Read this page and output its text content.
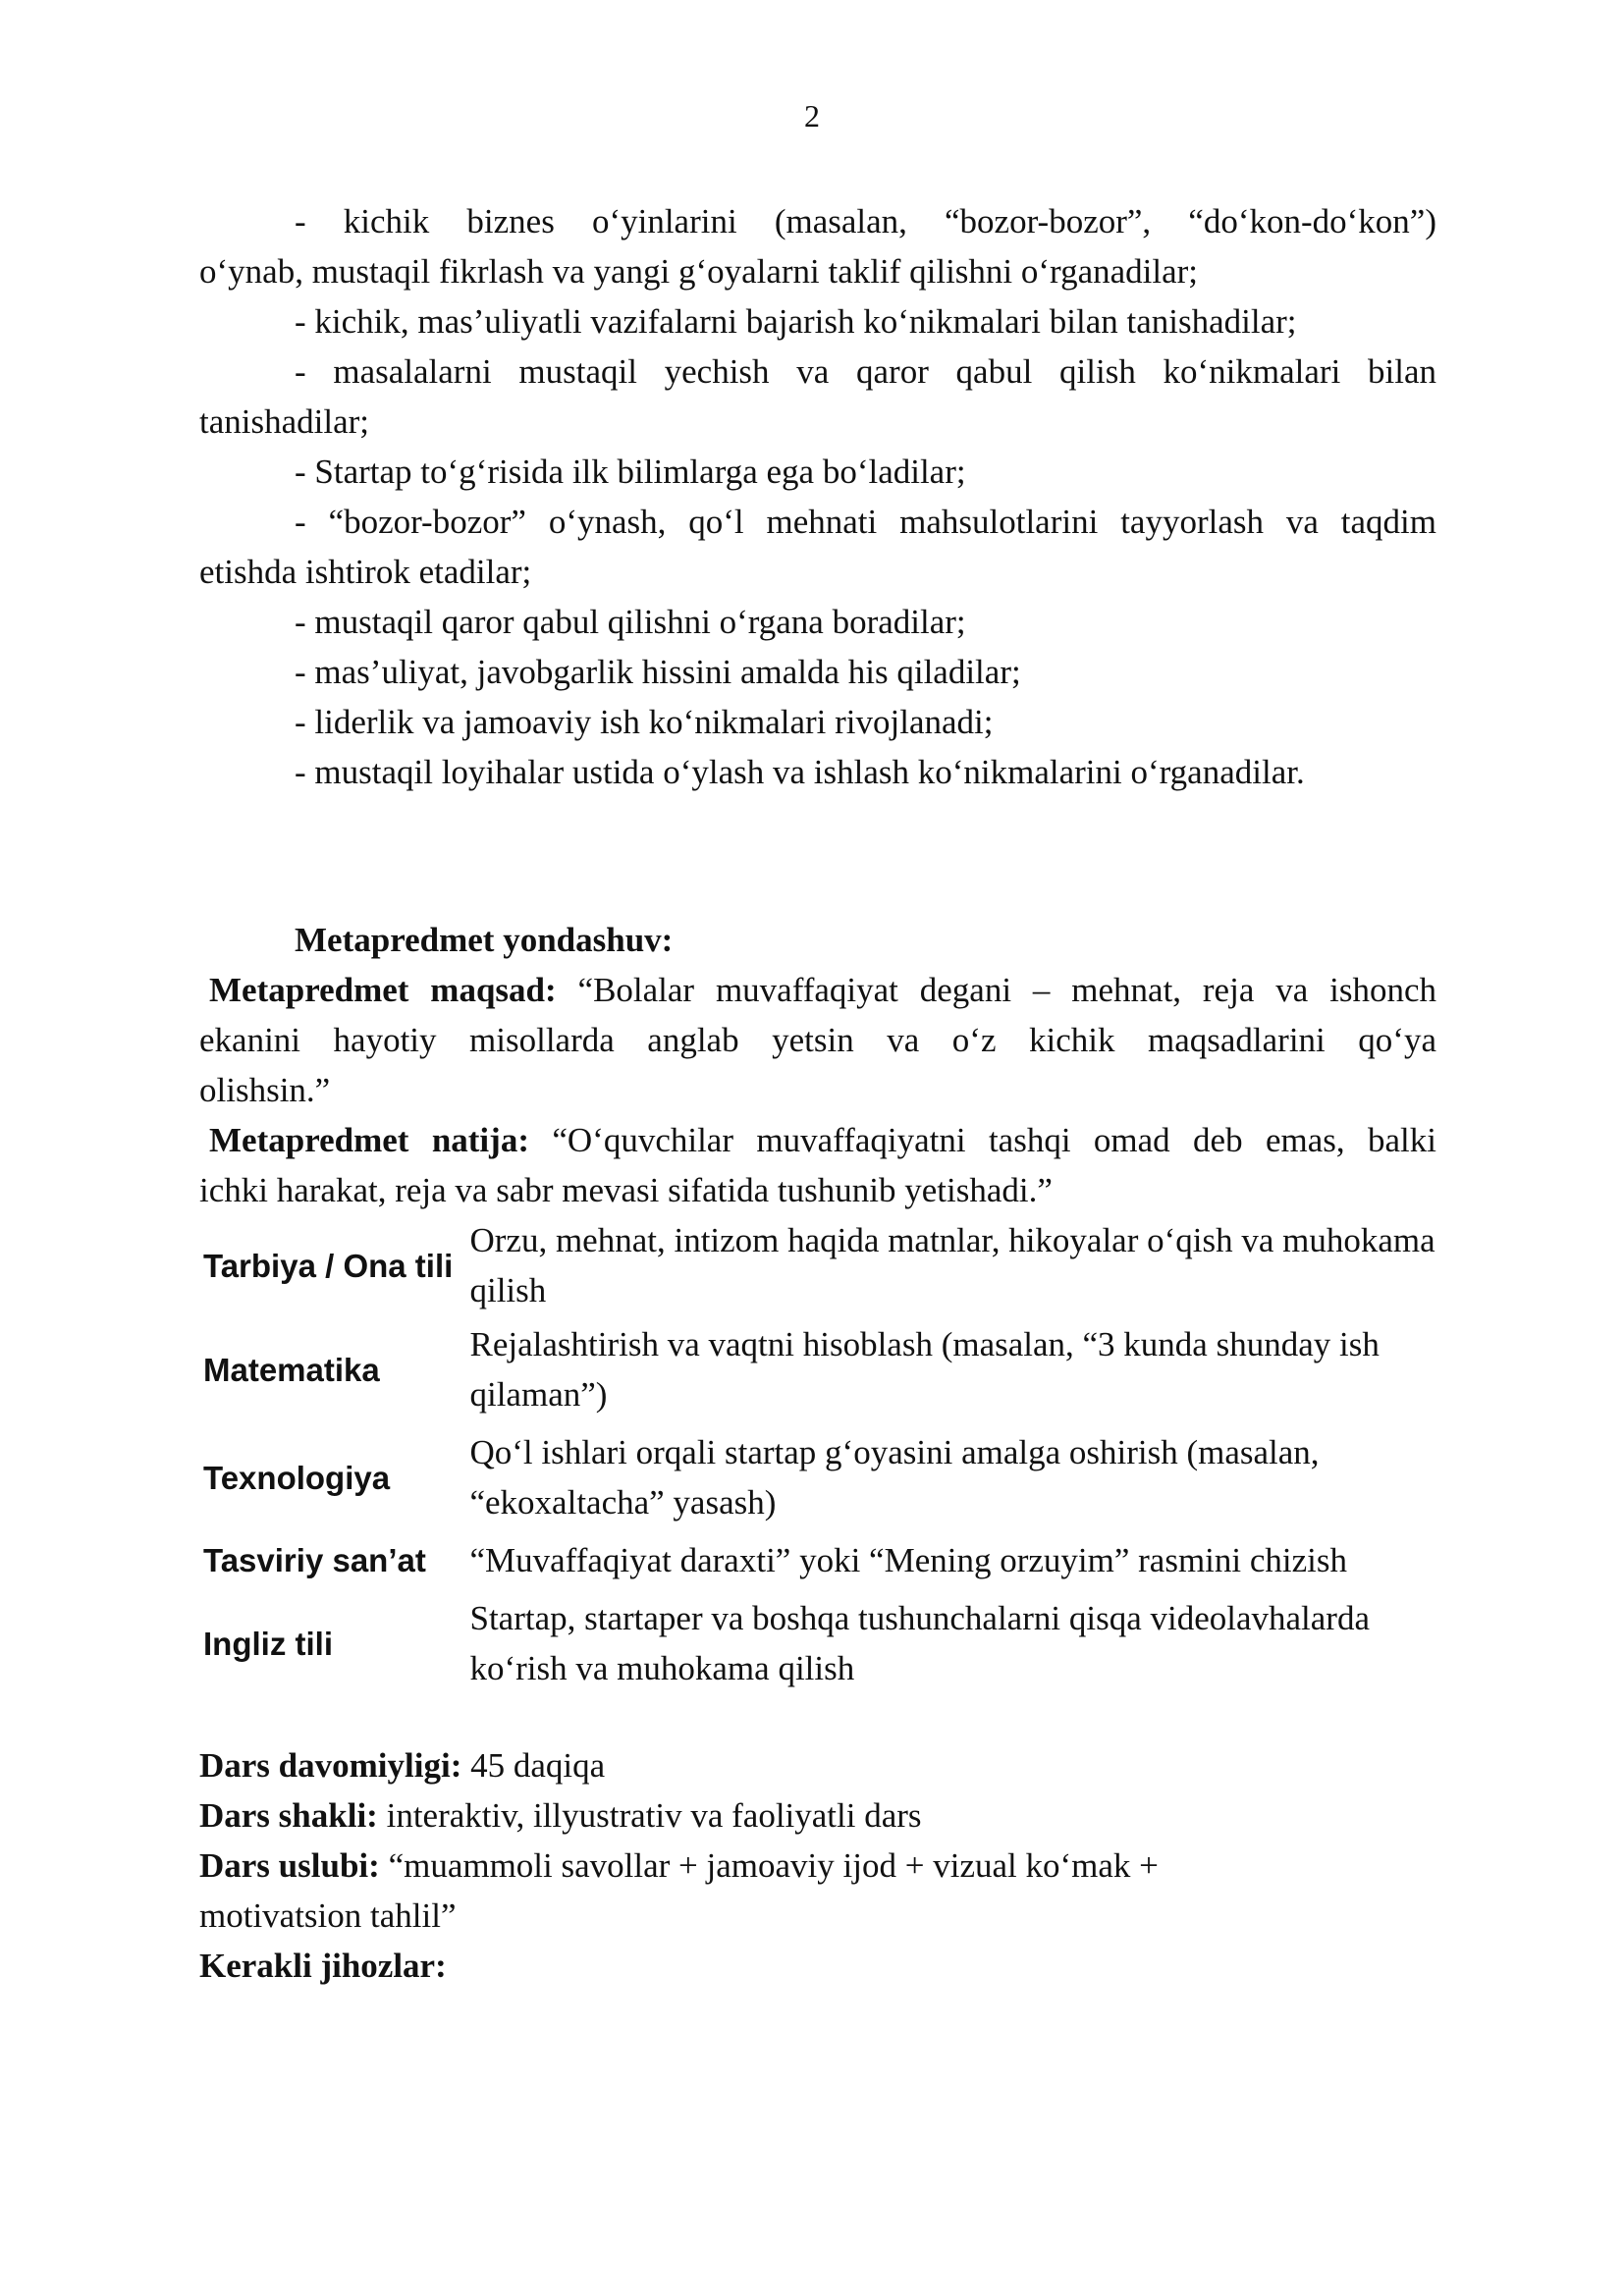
2

- kichik biznes o‘yinlarini (masalan, “bozor-bozor”, “do‘kon-do‘kon”)
o‘ynab, mustaqil fikrlash va yangi g‘oyalarni taklif qilishni o‘rganadilar;

- kichik, mas’uliyatli vazifalarni bajarish ko‘nikmalari bilan tanishadilar;

- masalalarni mustaqil yechish va qaror qabul qilish ko‘nikmalari bilan
tanishadilar;

- Startap to‘g‘risida ilk bilimlarga ega bo‘ladilar;

- “bozor-bozor” o‘ynash, qo‘l mehnati mahsulotlarini tayyorlash va taqdim
etishda ishtirok etadilar;

- mustaqil qaror qabul qilishni o‘rgana boradilar;

- mas’uliyat, javobgarlik hissini amalda his qiladilar;

- liderlik va jamoaviy ish ko‘nikmalari rivojlanadi;

- mustaqil loyihalar ustida o‘ylash va ishlash ko‘nikmalarini o‘rganadilar.

Metapredmet yondashuv:

Metapredmet maqsad: “Bolalar muvaffaqiyat degani – mehnat, reja va ishonch
ekanini hayotiy misollarda anglab yetsin va o‘z kichik maqsadlarini qo‘ya
olishsin.”

Metapredmet natija: “O‘quvchilar muvaffaqiyatni tashqi omad deb emas, balki
ichki harakat, reja va sabr mevasi sifatida tushunib yetishadi.”

Tarbiya / Ona tili	Orzu, mehnat, intizom haqida matnlar, hikoyalar o‘qish va muhokama qilish
Matematika	Rejalashtirish va vaqtni hisoblash (masalan, “3 kunda shunday ish qilaman”)
Texnologiya	Qo‘l ishlari orqali startap g‘oyasini amalga oshirish (masalan, “ekoxaltacha” yasash)
Tasviriy san’at	“Muvaffaqiyat daraxti” yoki “Mening orzuyim” rasmini chizish
Ingliz tili	Startap, startaper va boshqa tushunchalarni qisqa videolavhalarda ko‘rish va muhokama qilish

Dars davomiyligi: 45 daqiqa

Dars shakli: interaktiv, illyustrativ va faoliyatli dars

Dars uslubi: “muammoli savollar + jamoaviy ijod + vizual ko‘mak +

motivatsion tahlil”

Kerakli jihozlar:
